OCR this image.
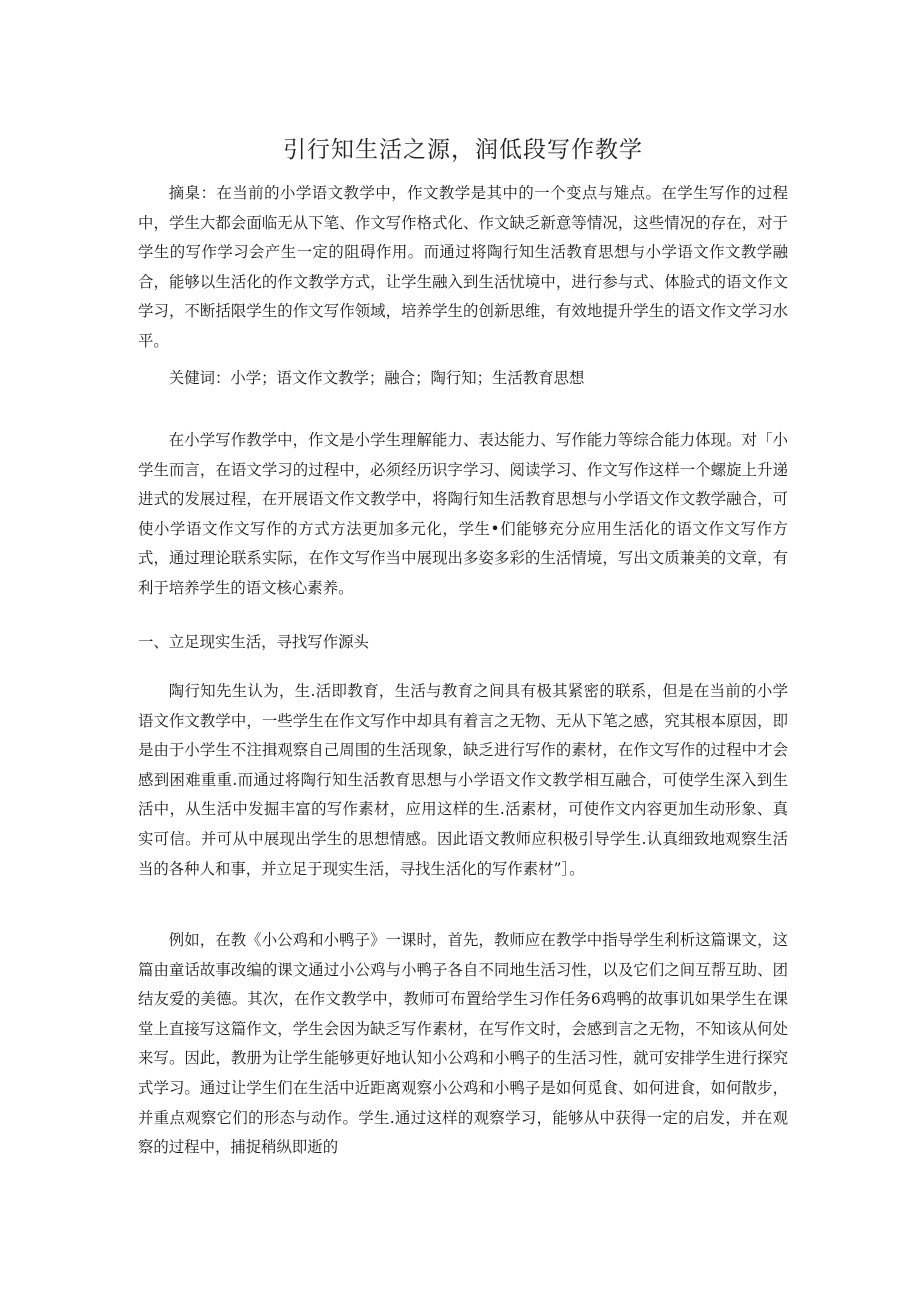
引行知生活之源，润低段写作教学

摘臬：在当前的小学语文教学中，作文教学是其中的一个变点与雉点。在学生写作的过程中，学生大都会面临无从下笔、作文写作格式化、作文缺乏新意等情况，这些情况的存在，对于学生的写作学习会产生一定的阻碍作用。而通过将陶行知生活教育思想与小学语文作文教学融合，能够以生活化的作文教学方式，让学生融入到生活忧境中，进行参与式、体脸式的语文作文学习，不断括限学生的作文写作领域，培养学生的创新思维，有效地提升学生的语文作文学习水平。

关健词：小学；语文作文教学；融合；陶行知；生活教育思想

在小学写作教学中，作文是小学生理解能力、表达能力、写作能力等综合能力体现。对「小学生而言，在语文学习的过程中，必须经历识字学习、阅读学习、作文写作这样一个螺旋上升递进式的发展过程，在开展语文作文教学中，将陶行知生活教育思想与小学语文作文教学融合，可使小学语文作文写作的方式方法更加多元化，学生•们能够充分应用生活化的语文作文写作方式，通过理论联系实际，在作文写作当中展现出多姿多彩的生活情境，写出文质兼美的文章，有利于培养学生的语文核心素养。

一、立足现实生活，寻找写作源头

陶行知先生认为，生.活即教育，生活与教育之间具有极其紧密的联系，但是在当前的小学语文作文教学中，一些学生在作文写作中却具有着言之无物、无从下笔之感，究其根本原因，即是由于小学生不注揖观察自己周围的生活现象，缺乏进行写作的素材，在作文写作的过程中才会感到困难重重.而通过将陶行知生活教育思想与小学语文作文教学相互融合，可使学生深入到生活中，从生活中发掘丰富的写作素材，应用这样的生.活素材，可使作文内容更加生动形象、真实可信。并可从中展现出学生的思想情感。因此语文教师应积极引导学生.认真细致地观察生活当的各种人和事，并立足于现实生活，寻找生活化的写作素材”］。

例如，在教《小公鸡和小鸭子》一课时，首先，教师应在教学中指导学生利析这篇课文，这篇由童话故事改编的课文通过小公鸡与小鸭子各自不同地生活习性，以及它们之间互帮互助、团结友爱的美德。其次，在作文教学中，教师可布置给学生习作任务6鸡鸭的故事讥如果学生在课堂上直接写这篇作文，学生会因为缺乏写作素材，在写作文时，会感到言之无物，不知该从何处来写。因此，教册为让学生能够更好地认知小公鸡和小鸭子的生活习性，就可安排学生进行探究式学习。通过让学生们在生活中近距离观察小公鸡和小鸭子是如何觅食、如何进食，如何散步，并重点观察它们的形态与动作。学生.通过这样的观察学习，能够从中获得一定的启发，并在观察的过程中，捕捉稍纵即逝的
